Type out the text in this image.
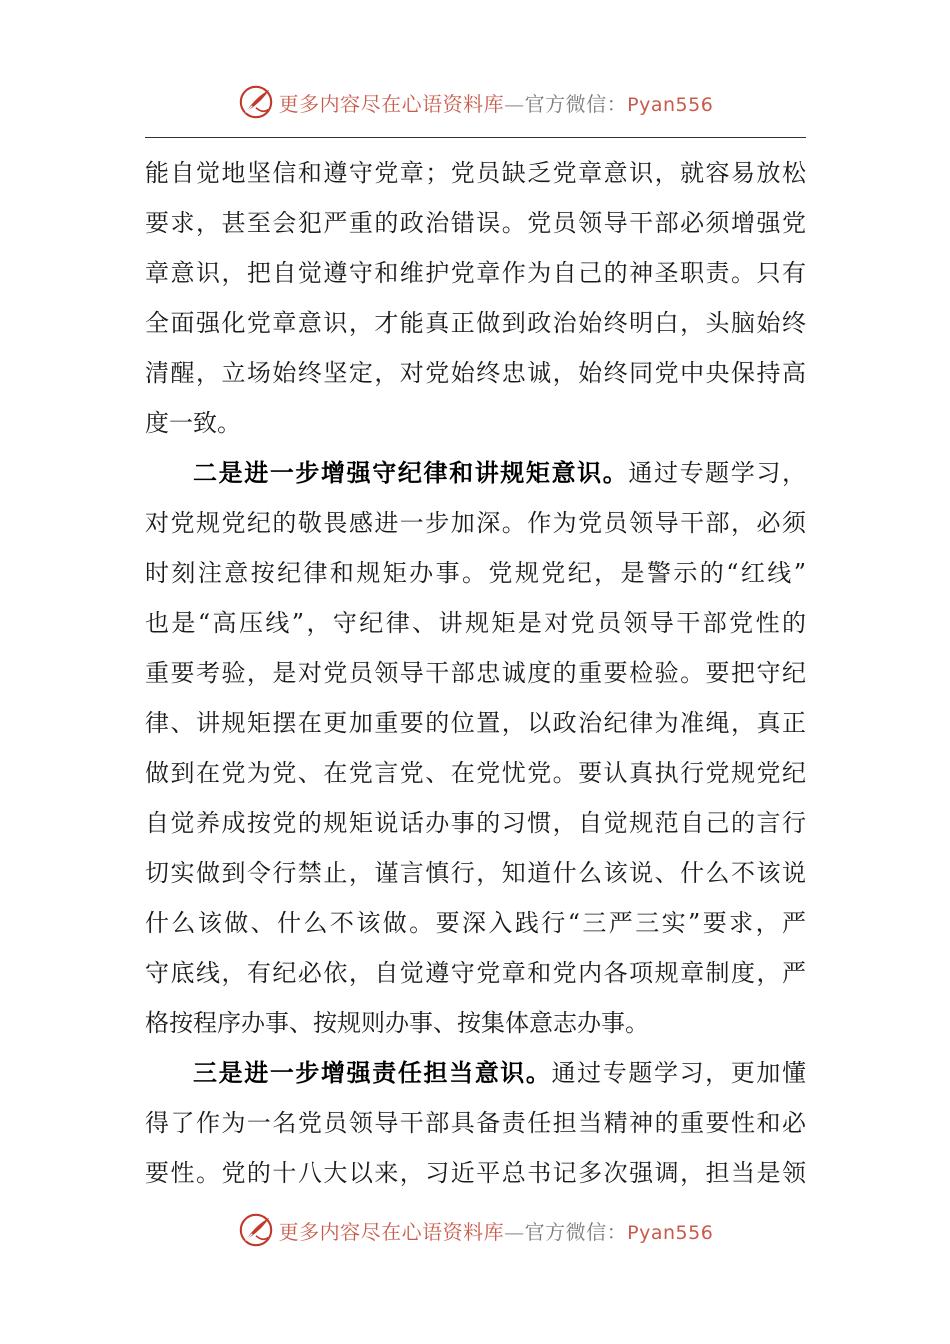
更多内容尽在心语资料库—官方微信：Pyan556
能自觉地坚信和遵守党章；党员缺乏党章意识，就容易放松
要求，甚至会犯严重的政治错误。党员领导干部必须增强党
章意识，把自觉遵守和维护党章作为自己的神圣职责。只有
全面强化党章意识，才能真正做到政治始终明白，头脑始终
清醒，立场始终坚定，对党始终忠诚，始终同党中央保持高
度一致。
二是进一步增强守纪律和讲规矩意识。通过专题学习，
对党规党纪的敬畏感进一步加深。作为党员领导干部，必须
时刻注意按纪律和规矩办事。党规党纪，是警示的“红线”
也是“高压线”，守纪律、讲规矩是对党员领导干部党性的
重要考验，是对党员领导干部忠诚度的重要检验。要把守纪
律、讲规矩摆在更加重要的位置，以政治纪律为准绳，真正
做到在党为党、在党言党、在党忧党。要认真执行党规党纪
自觉养成按党的规矩说话办事的习惯，自觉规范自己的言行
切实做到令行禁止，谨言慎行，知道什么该说、什么不该说
什么该做、什么不该做。要深入践行“三严三实”要求，严
守底线，有纪必依，自觉遵守党章和党内各项规章制度，严
格按程序办事、按规则办事、按集体意志办事。
三是进一步增强责任担当意识。通过专题学习，更加懂
得了作为一名党员领导干部具备责任担当精神的重要性和必
要性。党的十八大以来，习近平总书记多次强调，担当是领
更多内容尽在心语资料库—官方微信：Pyan556
